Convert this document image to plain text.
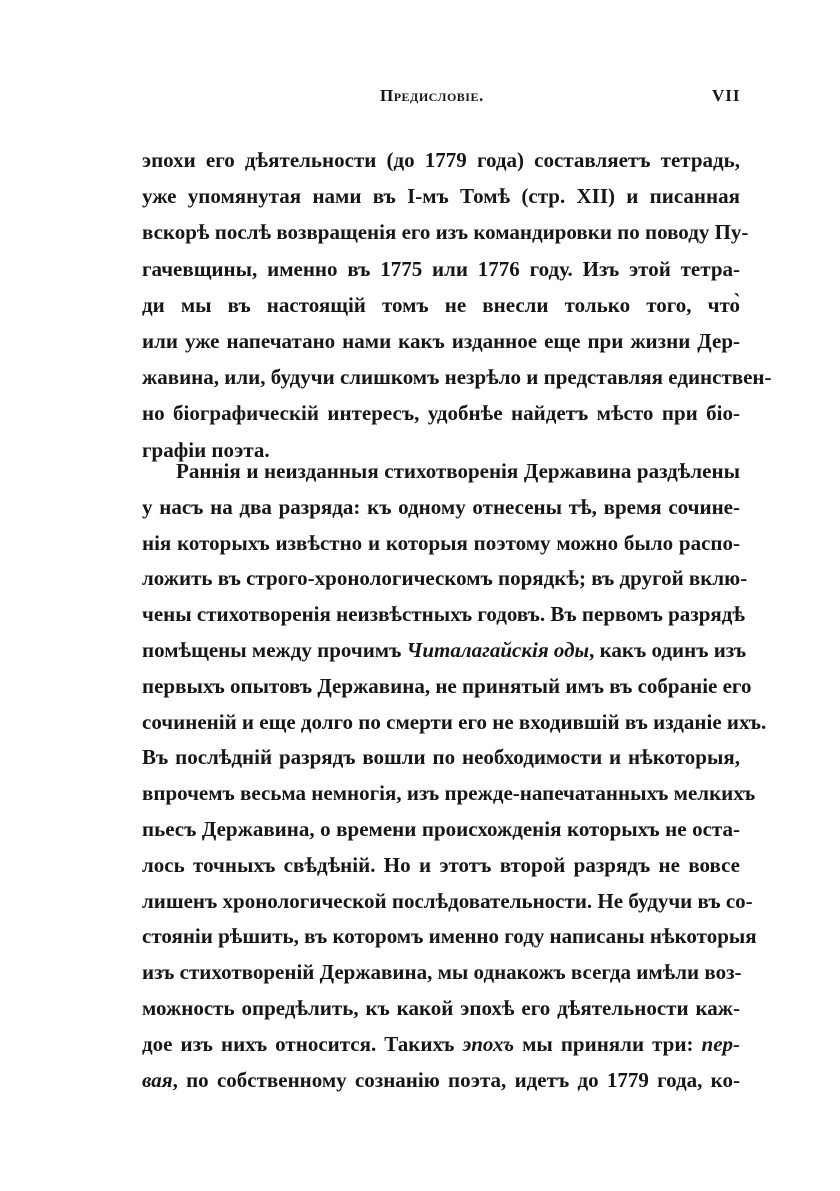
Предисловіе.	VII
эпохи его дѣятельности (до 1779 года) составляетъ тетрадь,
уже упомянутая нами въ I-мъ Томѣ (стр. XII) и писанная
вскорѣ послѣ возвращенія его изъ командировки по поводу Пу-
гачевщины, именно въ 1775 или 1776 году. Изъ этой тетра-
ди мы въ настоящій томъ не внесли только того, что̀
или уже напечатано нами какъ изданное еще при жизни Дер-
жавина, или, будучи слишкомъ незрѣло и представляя единствен-
но біографическій интересъ, удобнѣе найдетъ мѣсто при біо-
графіи поэта.
Раннія и неизданныя стихотворенія Державина раздѣлены
у насъ на два разряда: къ одному отнесены тѣ, время сочине-
нія которыхъ извѣстно и которыя поэтому можно было распо-
ложить въ строго-хронологическомъ порядкѣ; въ другой вклю-
чены стихотворенія неизвѣстныхъ годовъ. Въ первомъ разрядѣ
помѣщены между прочимъ Читалагайскія оды, какъ одинъ изъ
первыхъ опытовъ Державина, не принятый имъ въ собраніе его
сочиненій и еще долго по смерти его не входившій въ изданіе ихъ.
Въ послѣдній разрядъ вошли по необходимости и нѣкоторыя,
впрочемъ весьма немногія, изъ прежде-напечатанныхъ мелкихъ
пьесъ Державина, о времени происхожденія которыхъ не оста-
лось точныхъ свѣдѣній. Но и этотъ второй разрядъ не вовсе
лишенъ хронологической послѣдовательности. Не будучи въ со-
стояніи рѣшить, въ которомъ именно году написаны нѣкоторыя
изъ стихотвореній Державина, мы однакожъ всегда имѣли воз-
можность опредѣлить, къ какой эпохѣ его дѣятельности каж-
дое изъ нихъ относится. Такихъ эпохъ мы приняли три: пер-
вая, по собственному сознанію поэта, идетъ до 1779 года, ко-
